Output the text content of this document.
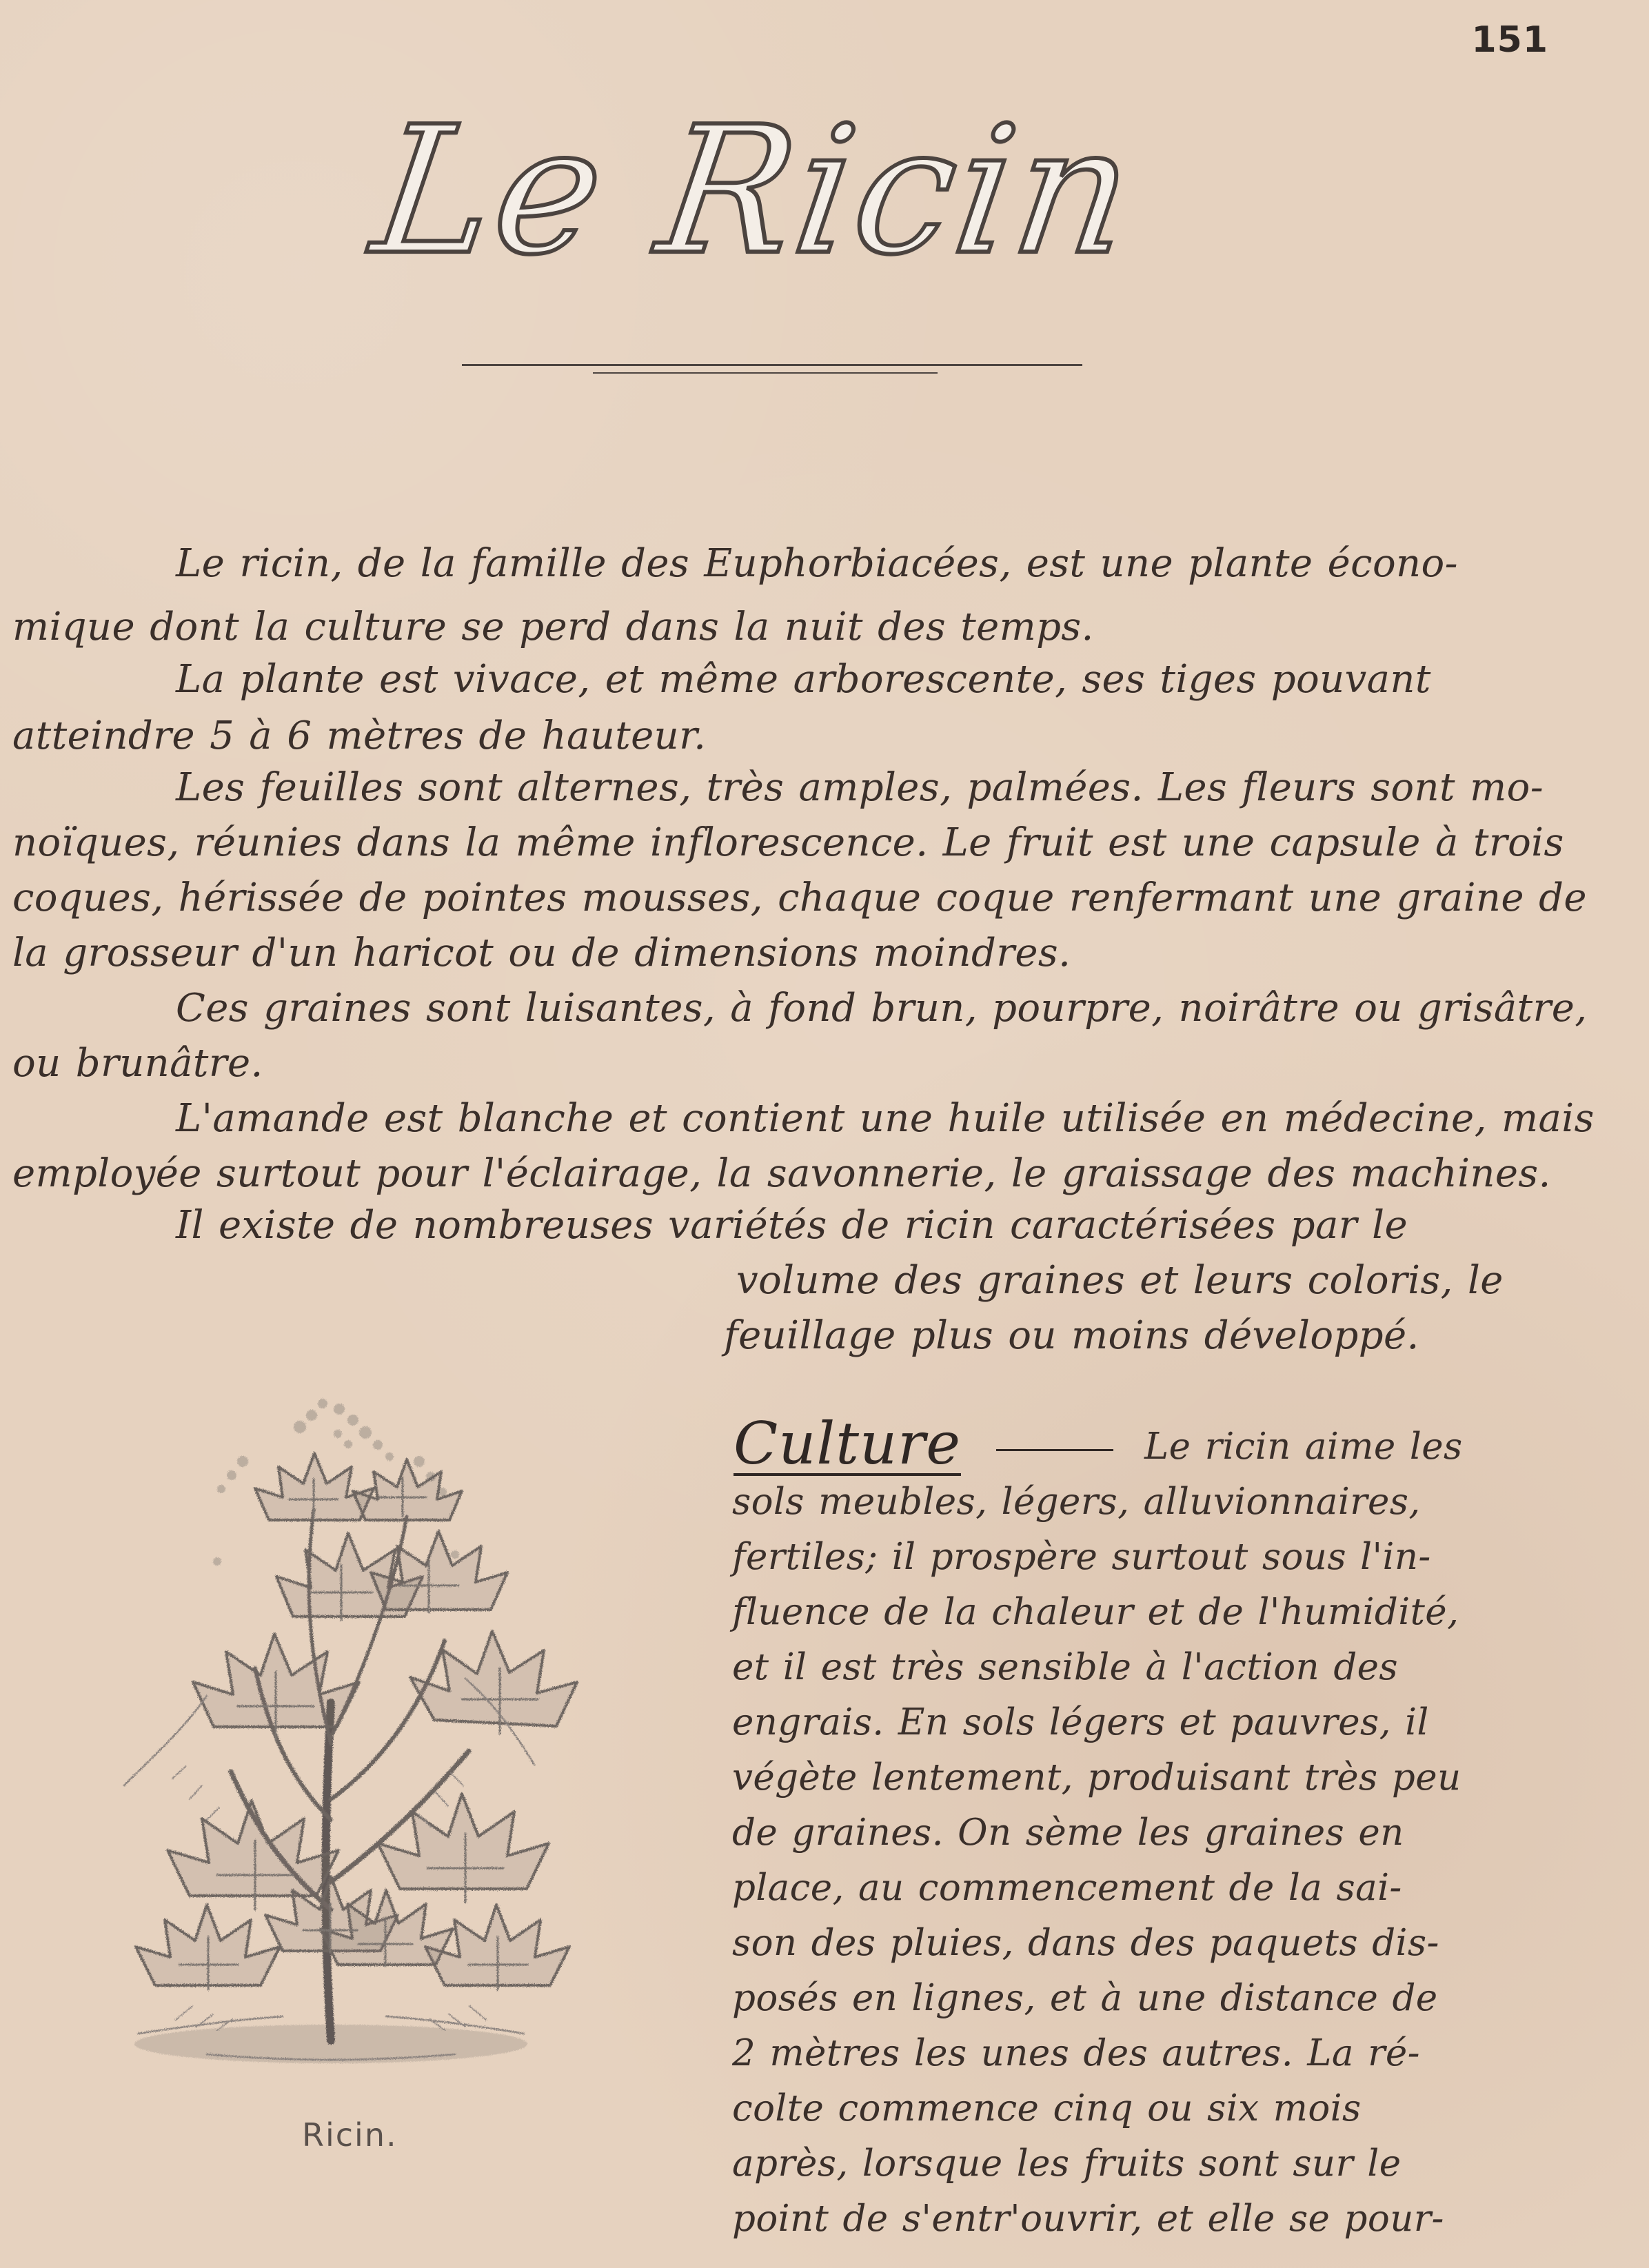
151
Le Ricin
Le ricin, de la famille des Euphorbiacées, est une plante écono-
mique dont la culture se perd dans la nuit des temps.
La plante est vivace, et même arborescente, ses tiges pouvant
atteindre 5 à 6 mètres de hauteur.
Les feuilles sont alternes, très amples, palmées. Les fleurs sont mo-
noïques, réunies dans la même inflorescence. Le fruit est une capsule à trois
coques, hérissée de pointes mousses, chaque coque renfermant une graine de
la grosseur d'un haricot ou de dimensions moindres.
Ces graines sont luisantes, à fond brun, pourpre, noirâtre ou grisâtre,
ou brunâtre.
L'amande est blanche et contient une huile utilisée en médecine, mais
employée surtout pour l'éclairage, la savonnerie, le graissage des machines.
Il existe de nombreuses variétés de ricin caractérisées par le
volume des graines et leurs coloris, le
feuillage plus ou moins développé.
Ricin.
Culture	Le ricin aime les
sols meubles, légers, alluvionnaires,
fertiles; il prospère surtout sous l'in-
fluence de la chaleur et de l'humidité,
et il est très sensible à l'action des
engrais. En sols légers et pauvres, il
végète lentement, produisant très peu
de graines. On sème les graines en
place, au commencement de la sai-
son des pluies, dans des paquets dis-
posés en lignes, et à une distance de
2 mètres les unes des autres. La ré-
colte commence cinq ou six mois
après, lorsque les fruits sont sur le
point de s'entr'ouvrir, et elle se pour-
